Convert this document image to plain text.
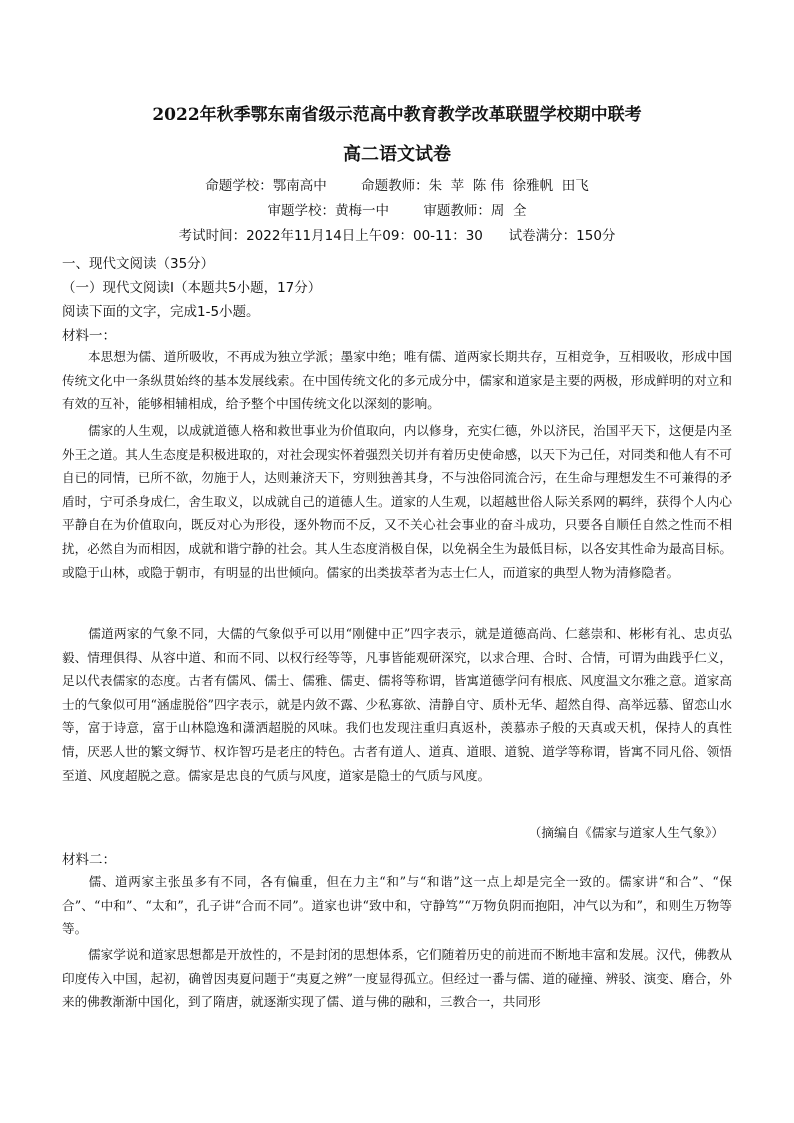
2022年秋季鄂东南省级示范高中教育教学改革联盟学校期中联考
高二语文试卷
命题学校：鄂南高中        命题教师：朱  苹  陈 伟  徐雅帆  田飞
审题学校：黄梅一中        审题教师：周  全
考试时间：2022年11月14日上午09：00-11：30      试卷满分：150分
一、现代文阅读（35分）
（一）现代文阅读Ⅰ（本题共5小题，17分）
阅读下面的文字，完成1-5小题。
材料一：
本思想为儒、道所吸收，不再成为独立学派；墨家中绝；唯有儒、道两家长期共存，互相竞争，互相吸收，形成中国传统文化中一条纵贯始终的基本发展线索。在中国传统文化的多元成分中，儒家和道家是主要的两极，形成鲜明的对立和有效的互补，能够相辅相成，给予整个中国传统文化以深刻的影响。
儒家的人生观，以成就道德人格和救世事业为价值取向，内以修身，充实仁德，外以济民，治国平天下，这便是内圣外王之道。其人生态度是积极进取的，对社会现实怀着强烈关切并有着历史使命感，以天下为己任，对同类和他人有不可自已的同情，已所不欲，勿施于人，达则兼济天下，穷则独善其身，不与浊俗同流合污，在生命与理想发生不可兼得的矛盾时，宁可杀身成仁，舍生取义，以成就自己的道德人生。道家的人生观，以超越世俗人际关系网的羁绊，获得个人内心平静自在为价值取向，既反对心为形役，逐外物而不反，又不关心社会事业的奋斗成功，只要各自顺任自然之性而不相扰，必然自为而相因，成就和谐宁静的社会。其人生态度消极自保，以免祸全生为最低目标，以各安其性命为最高目标。或隐于山林，或隐于朝市，有明显的出世倾向。儒家的出类拔萃者为志士仁人，而道家的典型人物为清修隐者。
儒道两家的气象不同，大儒的气象似乎可以用“刚健中正”四字表示，就是道德高尚、仁慈崇和、彬彬有礼、忠贞弘毅、情理俱得、从容中道、和而不同、以权行经等等，凡事皆能观研深究，以求合理、合时、合情，可谓为曲践乎仁义，足以代表儒家的态度。古者有儒风、儒士、儒雅、儒吏、儒将等称谓，皆寓道德学问有根底、风度温文尔雅之意。道家高士的气象似可用“涵虚脱俗”四字表示，就是内敛不露、少私寡欲、清静自守、质朴无华、超然自得、高举远慕、留恋山水等，富于诗意，富于山林隐逸和潇洒超脱的风味。我们也发现注重归真返朴，羡慕赤子般的天真或天机，保持人的真性情，厌恶人世的繁文缛节、权诈智巧是老庄的特色。古者有道人、道真、道眼、道貌、道学等称谓，皆寓不同凡俗、领悟至道、风度超脱之意。儒家是忠良的气质与风度，道家是隐士的气质与风度。
（摘编自《儒家与道家人生气象》）
材料二：
儒、道两家主张虽多有不同，各有偏重，但在力主“和”与“和谐”这一点上却是完全一致的。儒家讲“和合”、“保合”、“中和”、“太和”，孔子讲“合而不同”。道家也讲“致中和，守静笃”“万物负阴而抱阳，冲气以为和”，和则生万物等等。
儒家学说和道家思想都是开放性的，不是封闭的思想体系，它们随着历史的前进而不断地丰富和发展。汉代，佛教从印度传入中国，起初，确曾因夷夏问题于“夷夏之辨”一度显得孤立。但经过一番与儒、道的碰撞、辨驳、演变、磨合，外来的佛教渐渐中国化，到了隋唐，就逐渐实现了儒、道与佛的融和，三教合一，共同形
